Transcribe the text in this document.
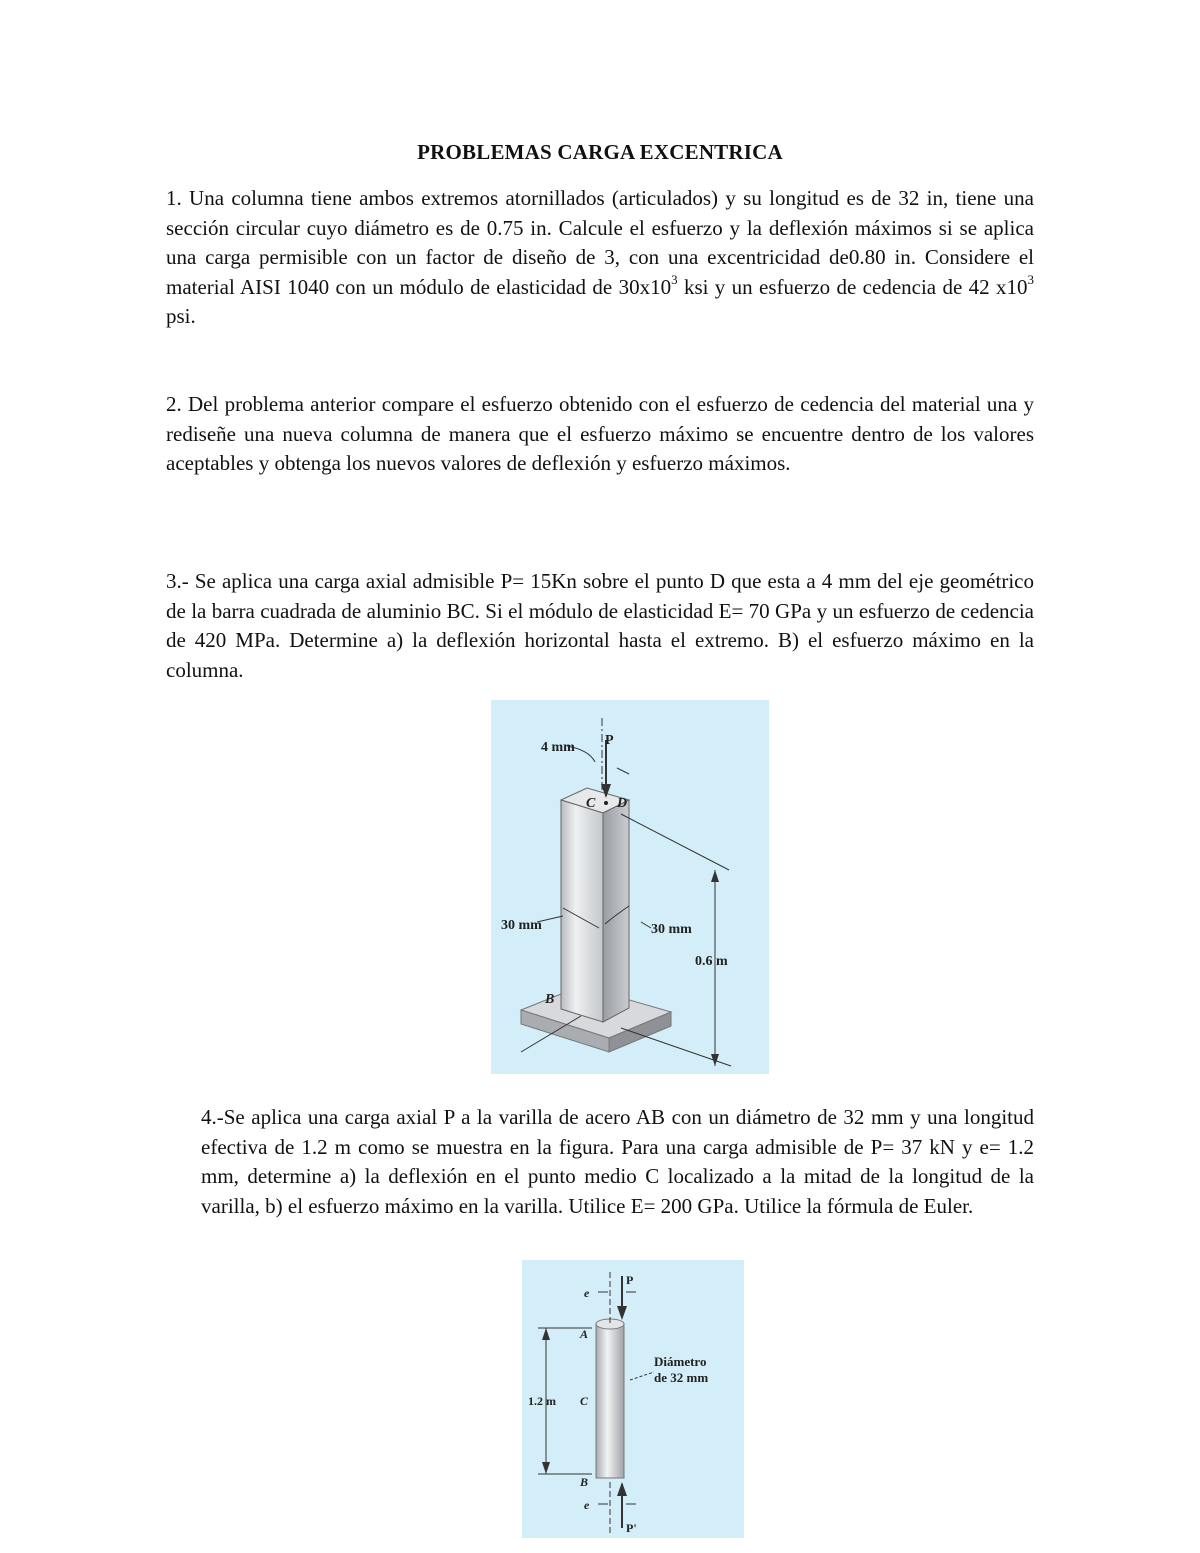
PROBLEMAS CARGA EXCENTRICA
1. Una columna tiene ambos extremos atornillados (articulados) y su longitud es de 32 in, tiene una sección circular cuyo diámetro es de 0.75 in. Calcule el esfuerzo y la deflexión máximos si se aplica una carga permisible con un factor de diseño de 3, con una excentricidad de0.80 in. Considere el material AISI 1040 con un módulo de elasticidad de $30x10^3$ ksi y un esfuerzo de cedencia de 42 $x10^3$ psi.
2. Del problema anterior compare el esfuerzo obtenido con el esfuerzo de cedencia del material una y rediseñe una nueva columna de manera que el esfuerzo máximo se encuentre dentro de los valores aceptables y obtenga los nuevos valores de deflexión y esfuerzo máximos.
3.- Se aplica una carga axial admisible P= 15Kn sobre el punto D que esta a 4 mm del eje geométrico de la barra cuadrada de aluminio BC. Si el módulo de elasticidad E= 70 GPa y un esfuerzo de cedencia de 420 MPa. Determine a) la deflexión horizontal hasta el extremo. B) el esfuerzo máximo en la columna.
4 mm P
C D
30 mm	30 mm
0.6 m
B
4.-Se aplica una carga axial P a la varilla de acero AB con un diámetro de 32 mm y una longitud efectiva de 1.2 m como se muestra en la figura. Para una carga admisible de P= 37 kN y e= 1.2 mm, determine a) la deflexión en el punto medio C localizado a la mitad de la longitud de la varilla, b) el esfuerzo máximo en la varilla. Utilice E= 200 GPa. Utilice la fórmula de Euler.
P
e
A
1.2 m C
Diámetro
de 32 mm
B
e
P'
